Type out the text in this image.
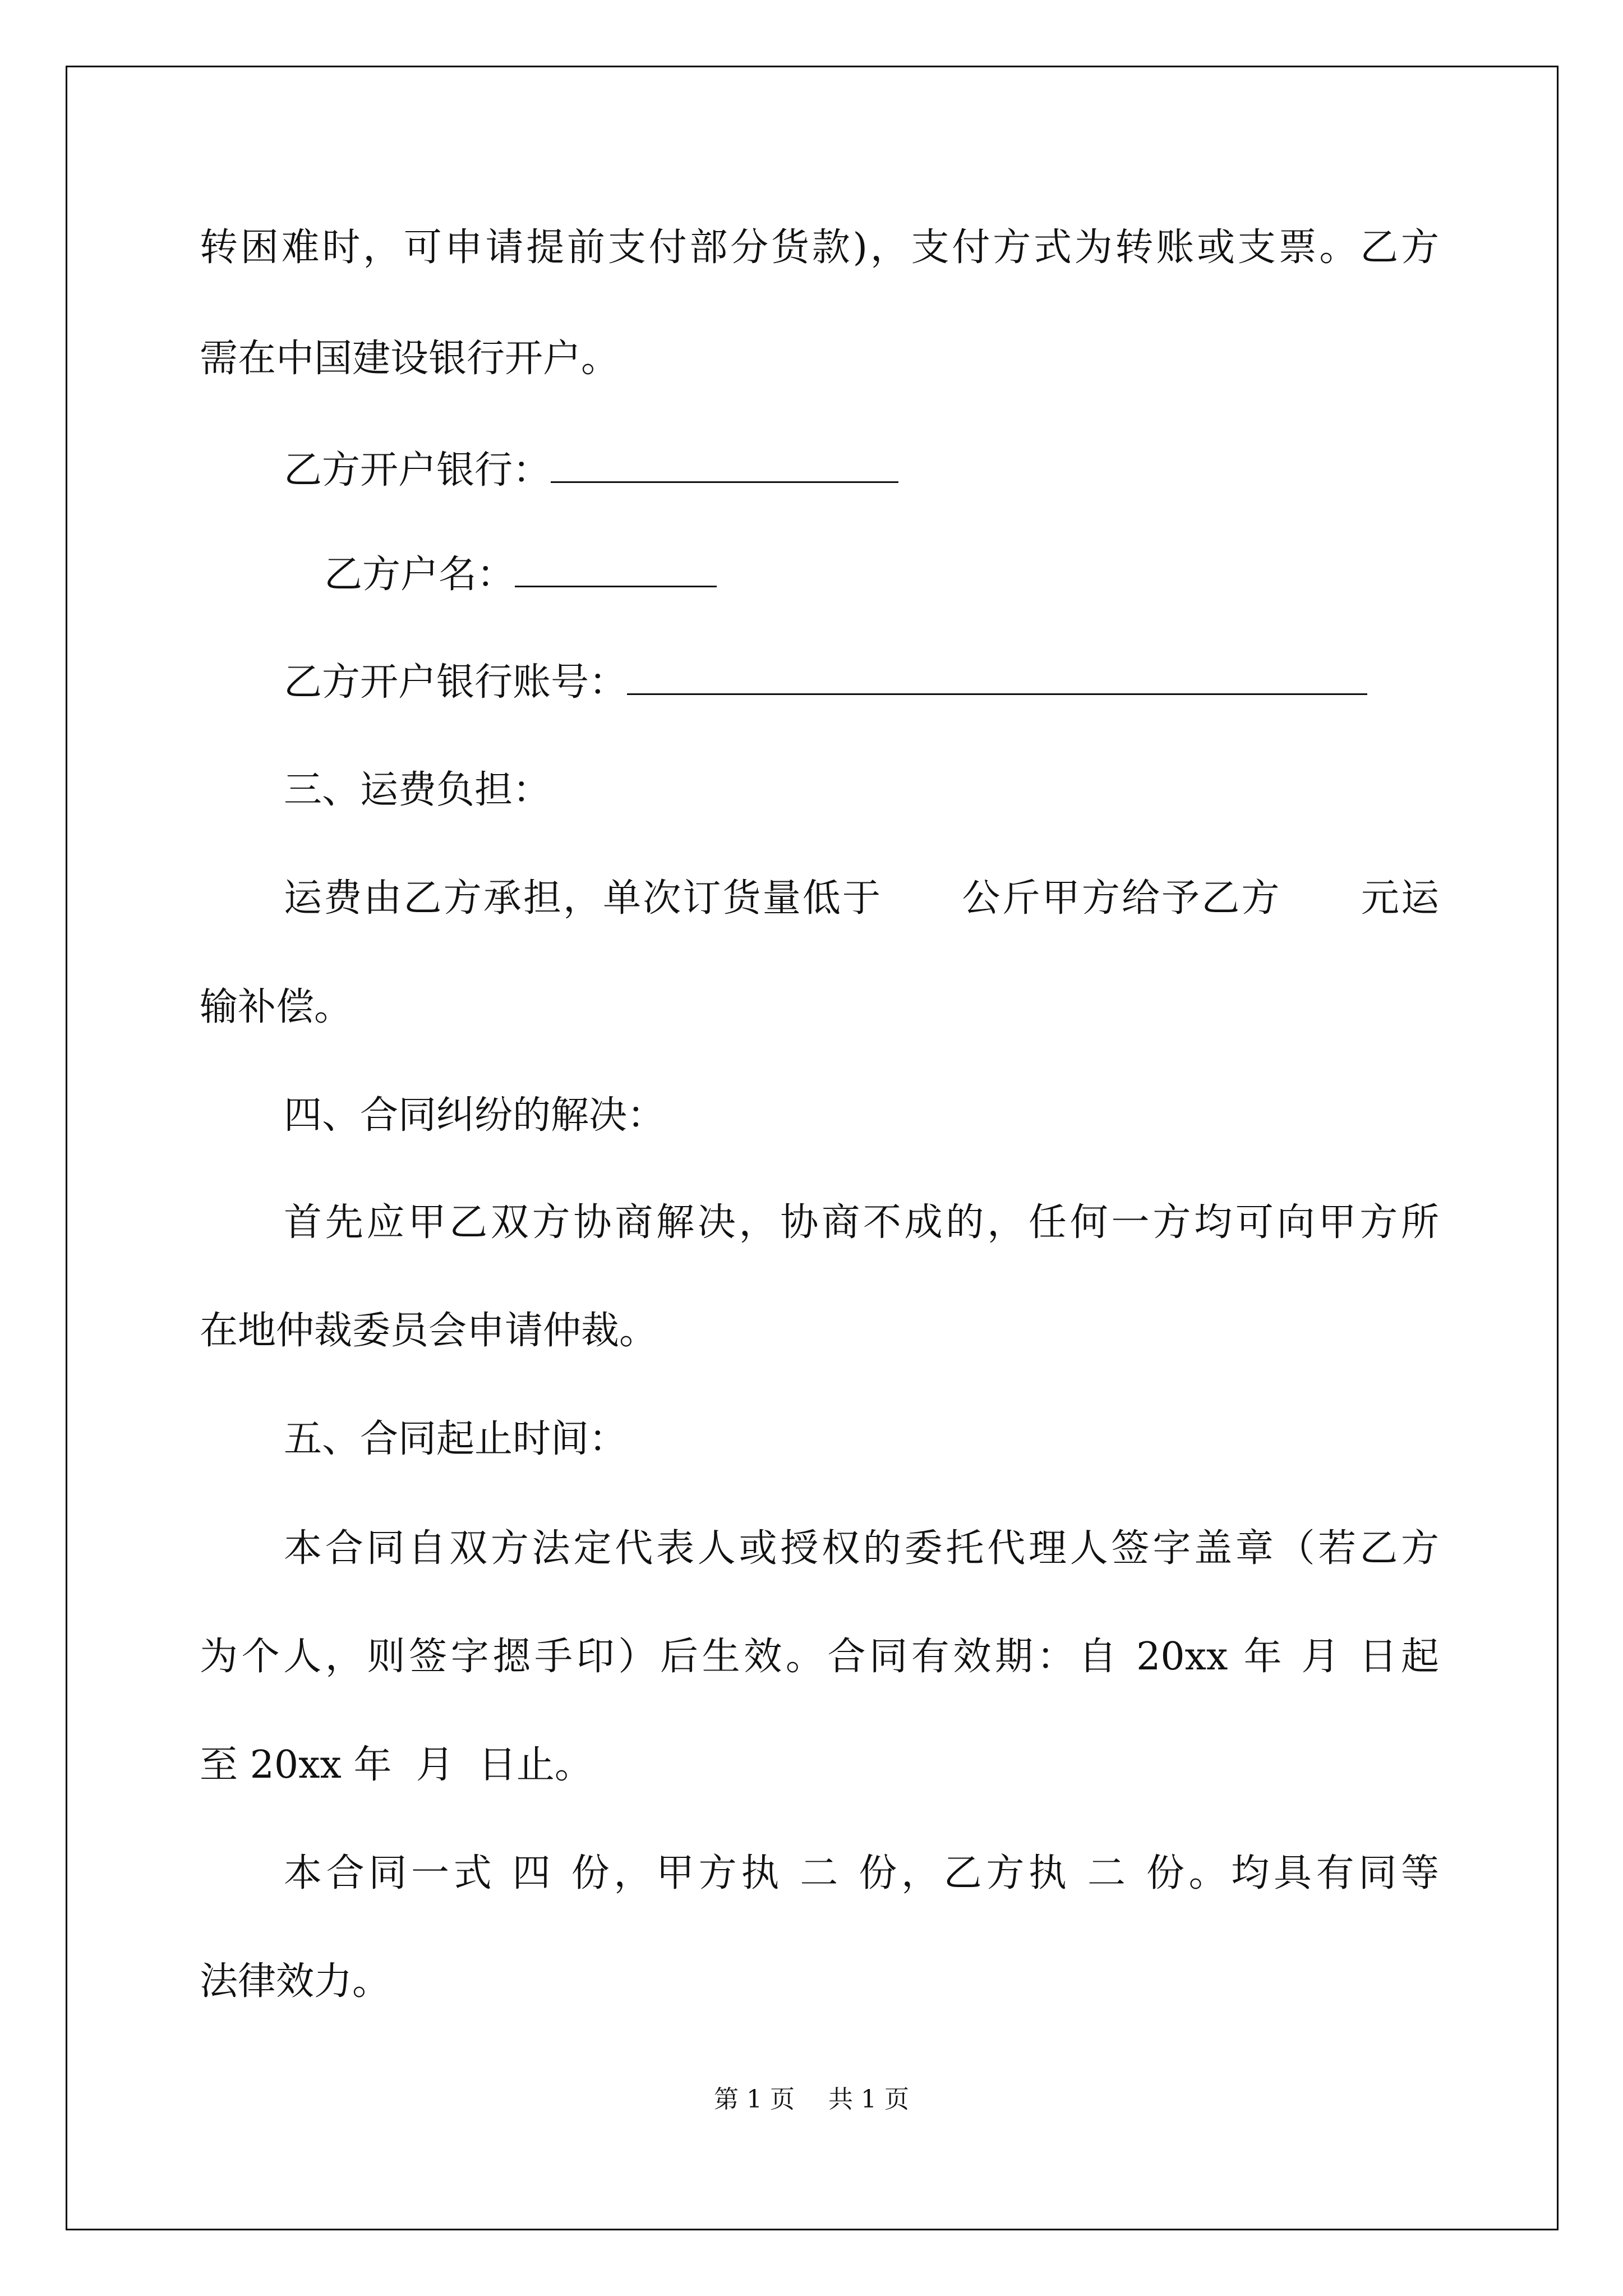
转困难时，可申请提前支付部分货款)，支付方式为转账或支票。乙方
需在中国建设银行开户。
乙方开户银行：
乙方户名：
乙方开户银行账号：
三、运费负担：
运费由乙方承担，单次订货量低于　　公斤甲方给予乙方　　元运
输补偿。
四、合同纠纷的解决：
首先应甲乙双方协商解决，协商不成的，任何一方均可向甲方所
在地仲裁委员会申请仲裁。
五、合同起止时间：
本合同自双方法定代表人或授权的委托代理人签字盖章（若乙方
为个人，则签字摁手印）后生效。合同有效期：自 20xx 年 月 日起
至 20xx 年  月  日止。
本合同一式 四 份，甲方执 二 份，乙方执 二 份。均具有同等
法律效力。
第 1 页 共 1 页
